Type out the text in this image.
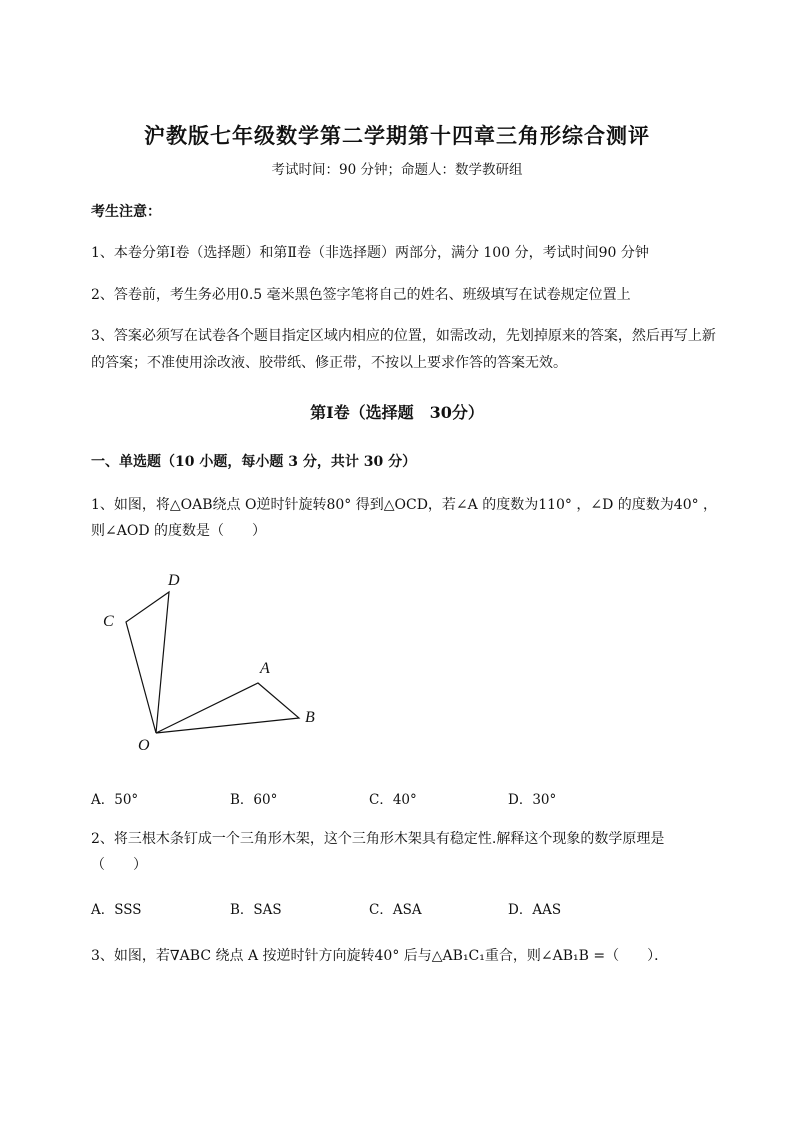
沪教版七年级数学第二学期第十四章三角形综合测评
考试时间：90 分钟；命题人：数学教研组
考生注意：
1、本卷分第Ⅰ卷（选择题）和第Ⅱ卷（非选择题）两部分，满分 100 分，考试时间90 分钟
2、答卷前，考生务必用0.5 毫米黑色签字笔将自己的姓名、班级填写在试卷规定位置上
3、答案必须写在试卷各个题目指定区域内相应的位置，如需改动，先划掉原来的答案，然后再写上新
的答案；不准使用涂改液、胶带纸、修正带，不按以上要求作答的答案无效。
第Ⅰ卷（选择题　30分）
一、单选题（10 小题，每小题 3 分，共计 30 分）
1、如图，将△OAB绕点 O逆时针旋转80° 得到△OCD，若∠A 的度数为110° ，∠D 的度数为40° ，
则∠AOD 的度数是（　　）
D
C
A
B
O
A．50°	B．60°	C．40°	D．30°
2、将三根木条钉成一个三角形木架，这个三角形木架具有稳定性.解释这个现象的数学原理是
（　　）
A．SSS	B．SAS	C．ASA	D．AAS
3、如图，若∇ABC 绕点 A 按逆时针方向旋转40° 后与△AB₁C₁重合，则∠AB₁B =（　　）．
